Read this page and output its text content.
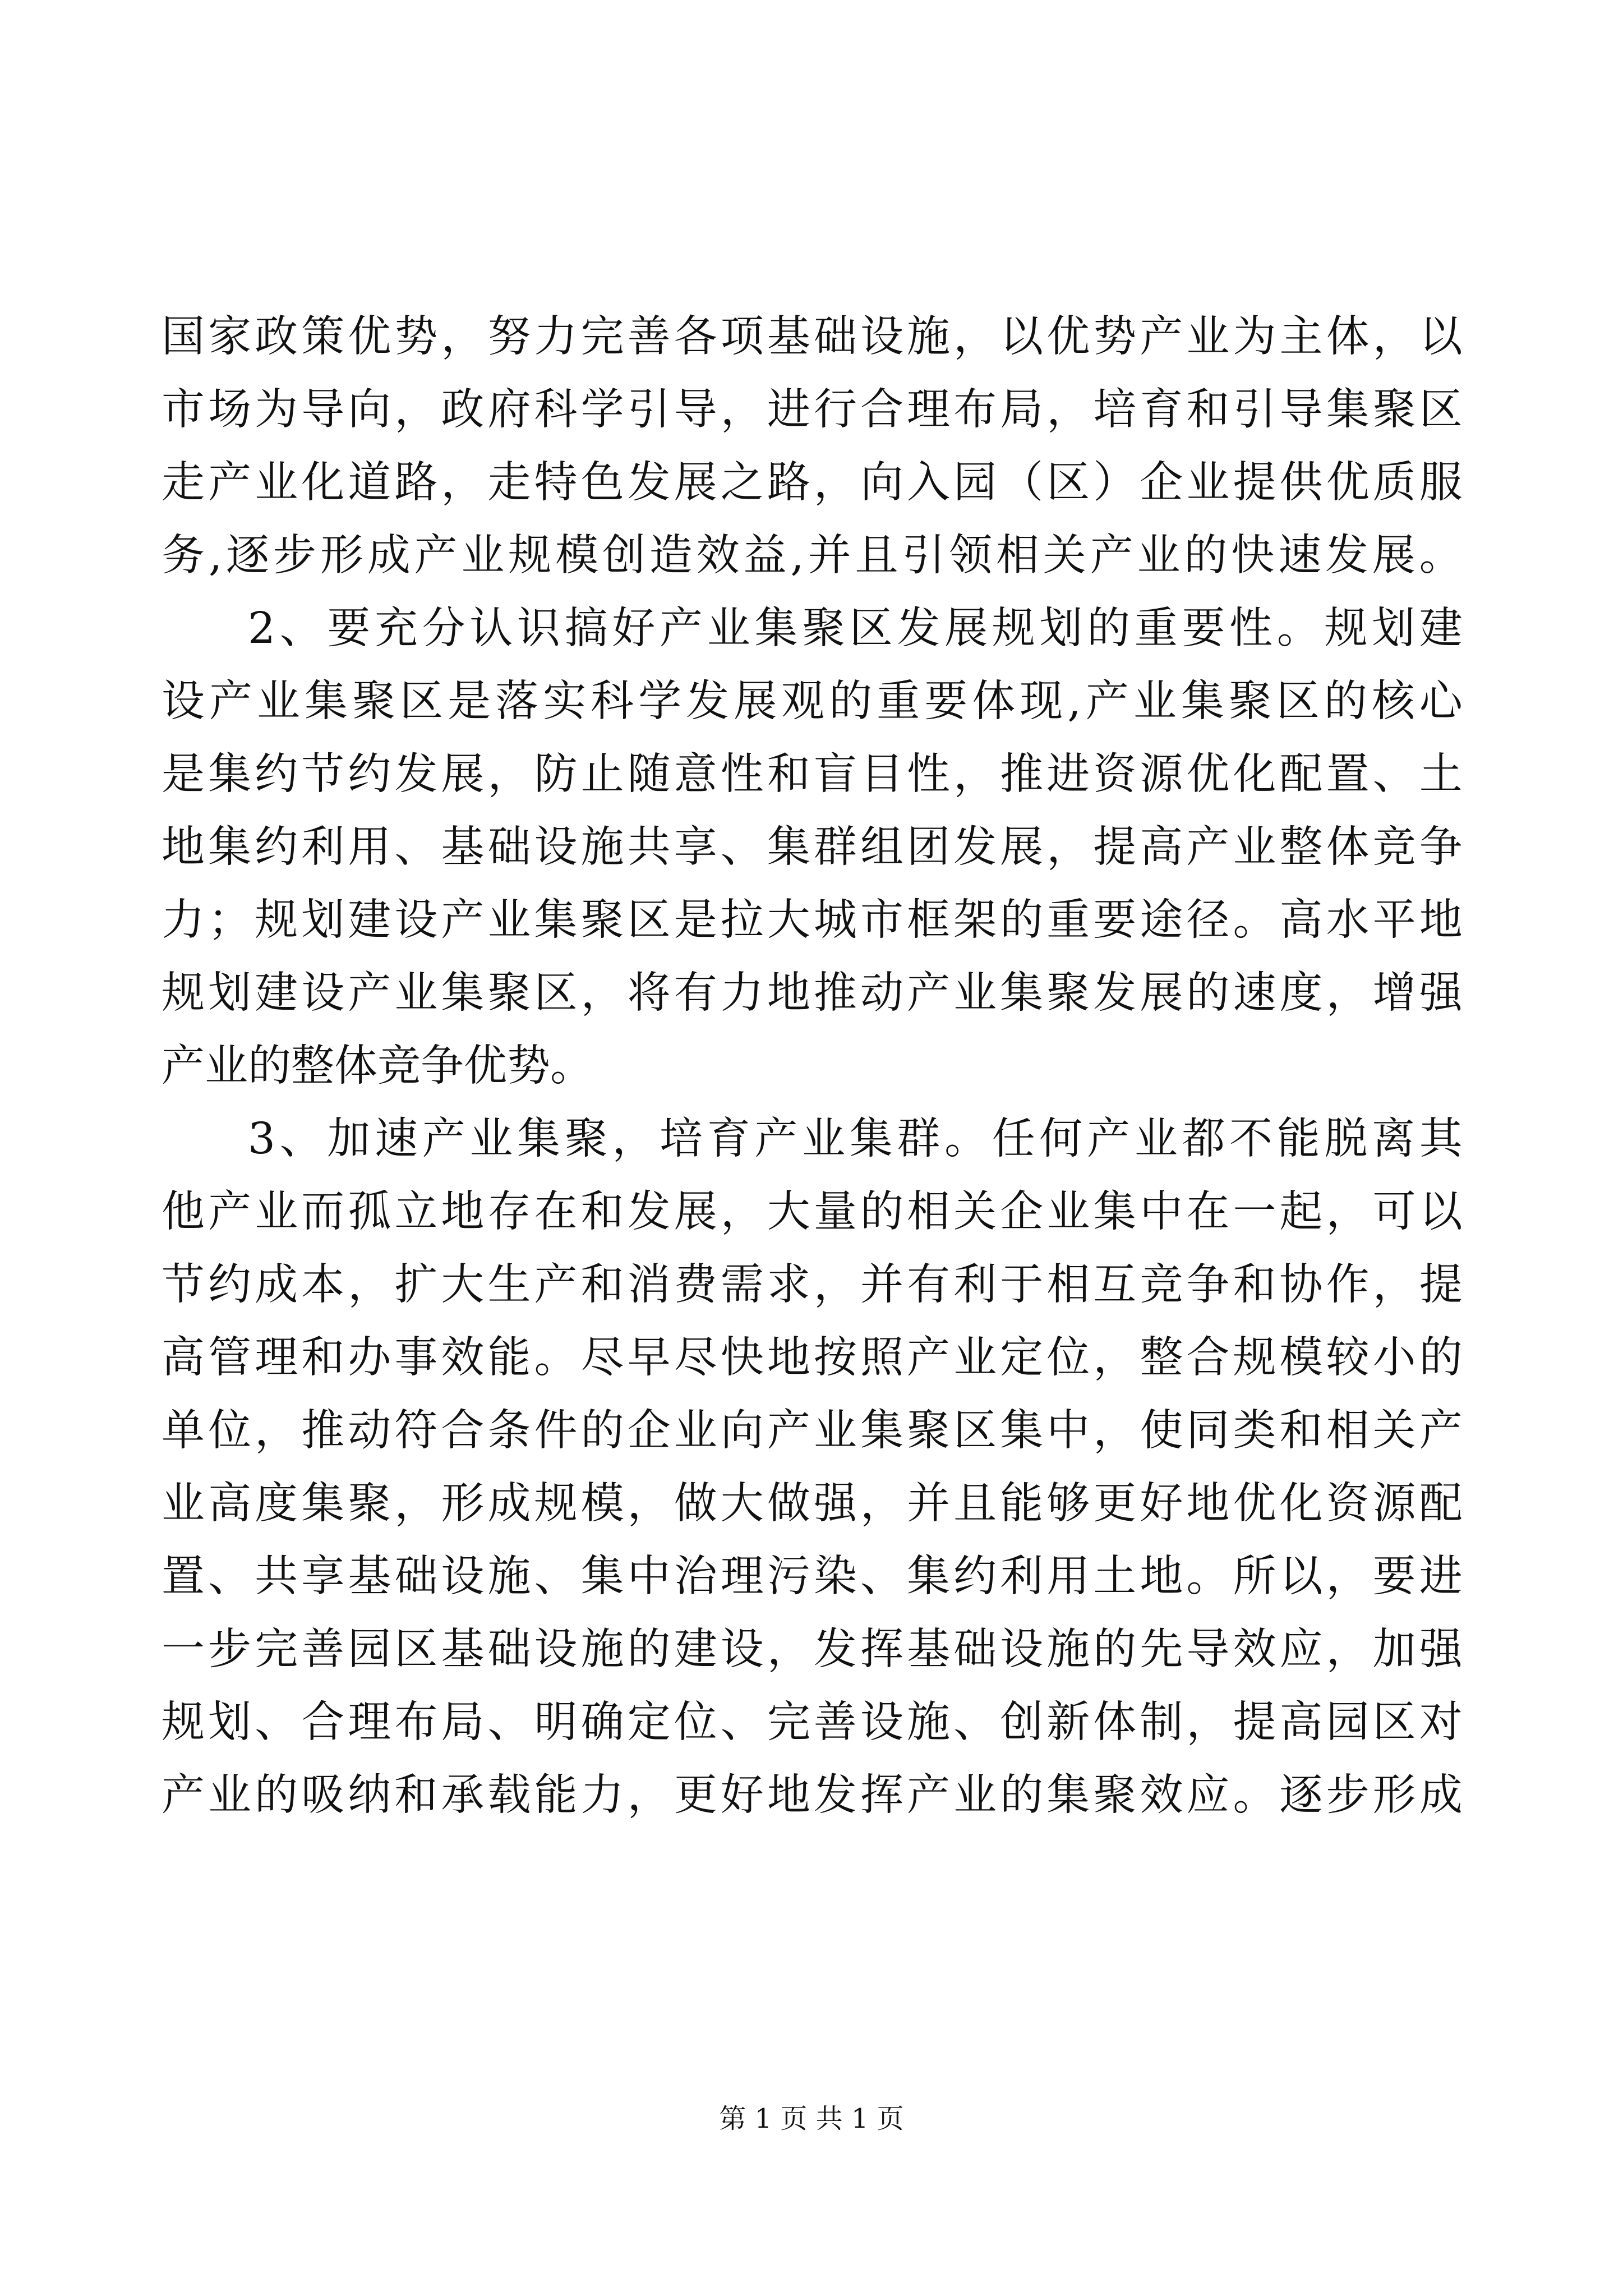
国 家 政 策 优 势 ， 努 力 完 善 各 项 基 础 设 施 ， 以 优 势 产 业 为 主 体 ， 以
市 场 为 导 向 ， 政 府 科 学 引 导 ， 进 行 合 理 布 局 ， 培 育 和 引 导 集 聚 区
走 产 业 化 道 路 ， 走 特 色 发 展 之 路 ， 向 入 园 （ 区 ） 企 业 提 供 优 质 服
务 , 逐 步 形 成 产 业 规 模 创 造 效 益 , 并 且 引 领 相 关 产 业 的 快 速 发 展 。
2 、 要 充 分 认 识 搞 好 产 业 集 聚 区 发 展 规 划 的 重 要 性 。 规 划 建
设 产 业 集 聚 区 是 落 实 科 学 发 展 观 的 重 要 体 现 , 产 业 集 聚 区 的 核 心
是 集 约 节 约 发 展 ， 防 止 随 意 性 和 盲 目 性 ， 推 进 资 源 优 化 配 置 、 土
地 集 约 利 用 、 基 础 设 施 共 享 、 集 群 组 团 发 展 ， 提 高 产 业 整 体 竞 争
力 ； 规 划 建 设 产 业 集 聚 区 是 拉 大 城 市 框 架 的 重 要 途 径 。 高 水 平 地
规 划 建 设 产 业 集 聚 区 ， 将 有 力 地 推 动 产 业 集 聚 发 展 的 速 度 ， 增 强
产 业 的 整 体 竞 争 优 势 。
3 、 加 速 产 业 集 聚 ， 培 育 产 业 集 群 。 任 何 产 业 都 不 能 脱 离 其
他 产 业 而 孤 立 地 存 在 和 发 展 ， 大 量 的 相 关 企 业 集 中 在 一 起 ， 可 以
节 约 成 本 ， 扩 大 生 产 和 消 费 需 求 ， 并 有 利 于 相 互 竞 争 和 协 作 ， 提
高 管 理 和 办 事 效 能 。 尽 早 尽 快 地 按 照 产 业 定 位 ， 整 合 规 模 较 小 的
单 位 ， 推 动 符 合 条 件 的 企 业 向 产 业 集 聚 区 集 中 ， 使 同 类 和 相 关 产
业 高 度 集 聚 ， 形 成 规 模 ， 做 大 做 强 ， 并 且 能 够 更 好 地 优 化 资 源 配
置 、 共 享 基 础 设 施 、 集 中 治 理 污 染 、 集 约 利 用 土 地 。 所 以 ， 要 进
一 步 完 善 园 区 基 础 设 施 的 建 设 ， 发 挥 基 础 设 施 的 先 导 效 应 ， 加 强
规 划 、 合 理 布 局 、 明 确 定 位 、 完 善 设 施 、 创 新 体 制 ， 提 高 园 区 对
产 业 的 吸 纳 和 承 载 能 力 ， 更 好 地 发 挥 产 业 的 集 聚 效 应 。 逐 步 形 成
第 1 页 共 1 页
